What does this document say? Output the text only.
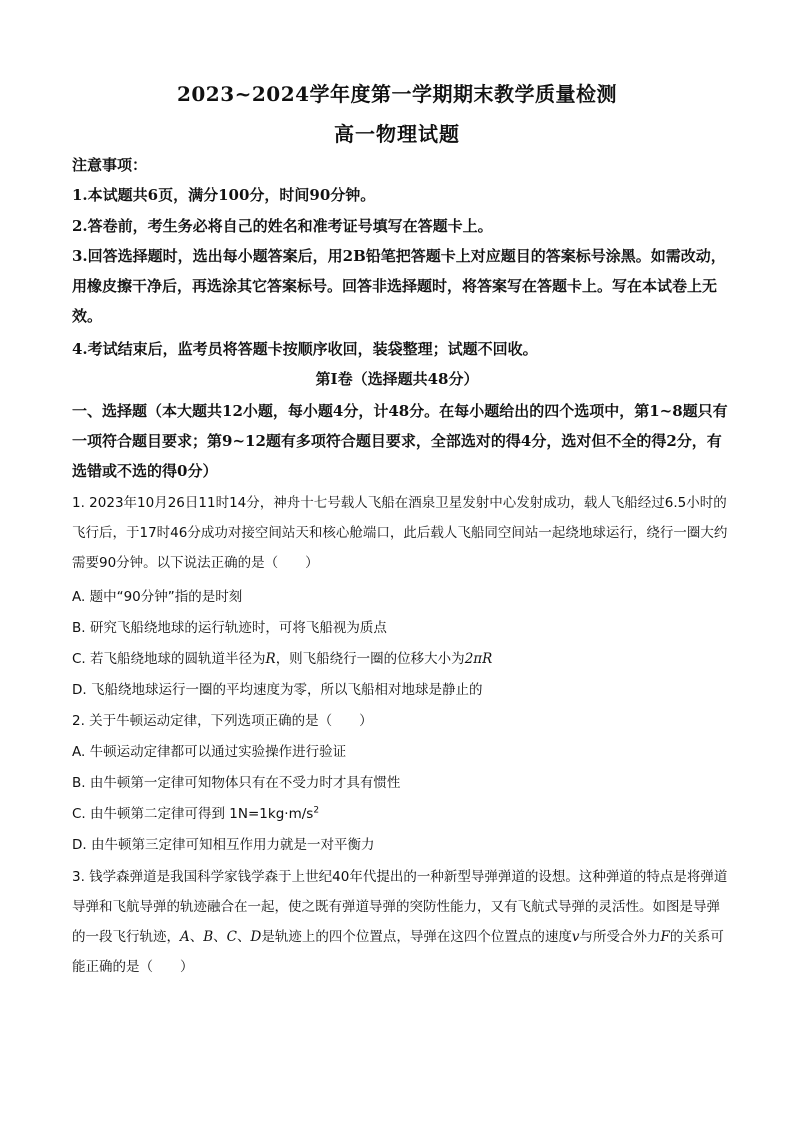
2023~2024学年度第一学期期末教学质量检测
高一物理试题
注意事项：
1.本试题共6页，满分100分，时间90分钟。
2.答卷前，考生务必将自己的姓名和准考证号填写在答题卡上。
3.回答选择题时，选出每小题答案后，用2B铅笔把答题卡上对应题目的答案标号涂黑。如需改动，用橡皮擦干净后，再选涂其它答案标号。回答非选择题时，将答案写在答题卡上。写在本试卷上无效。
4.考试结束后，监考员将答题卡按顺序收回，装袋整理；试题不回收。
第Ⅰ卷（选择题共48分）
一、选择题（本大题共12小题，每小题4分，计48分。在每小题给出的四个选项中，第1~8题只有一项符合题目要求；第9~12题有多项符合题目要求，全部选对的得4分，选对但不全的得2分，有选错或不选的得0分）
1. 2023年10月26日11时14分，神舟十七号载人飞船在酒泉卫星发射中心发射成功，载人飞船经过6.5小时的飞行后，于17时46分成功对接空间站天和核心舱端口，此后载人飞船同空间站一起绕地球运行，绕行一圈大约需要90分钟。以下说法正确的是（　　）
A. 题中“90分钟”指的是时刻
B. 研究飞船绕地球的运行轨迹时，可将飞船视为质点
C. 若飞船绕地球的圆轨道半径为R，则飞船绕行一圈的位移大小为2πR
D. 飞船绕地球运行一圈的平均速度为零，所以飞船相对地球是静止的
2. 关于牛顿运动定律，下列选项正确的是（　　）
A. 牛顿运动定律都可以通过实验操作进行验证
B. 由牛顿第一定律可知物体只有在不受力时才具有惯性
C. 由牛顿第二定律可得到 $1N=1kg\cdot m/s^2$
D. 由牛顿第三定律可知相互作用力就是一对平衡力
3. 钱学森弹道是我国科学家钱学森于上世纪40年代提出的一种新型导弹弹道的设想。这种弹道的特点是将弹道导弹和飞航导弹的轨迹融合在一起，使之既有弹道导弹的突防性能力，又有飞航式导弹的灵活性。如图是导弹的一段飞行轨迹，A、B、C、D是轨迹上的四个位置点，导弹在这四个位置点的速度v与所受合外力F的关系可能正确的是（　　）
